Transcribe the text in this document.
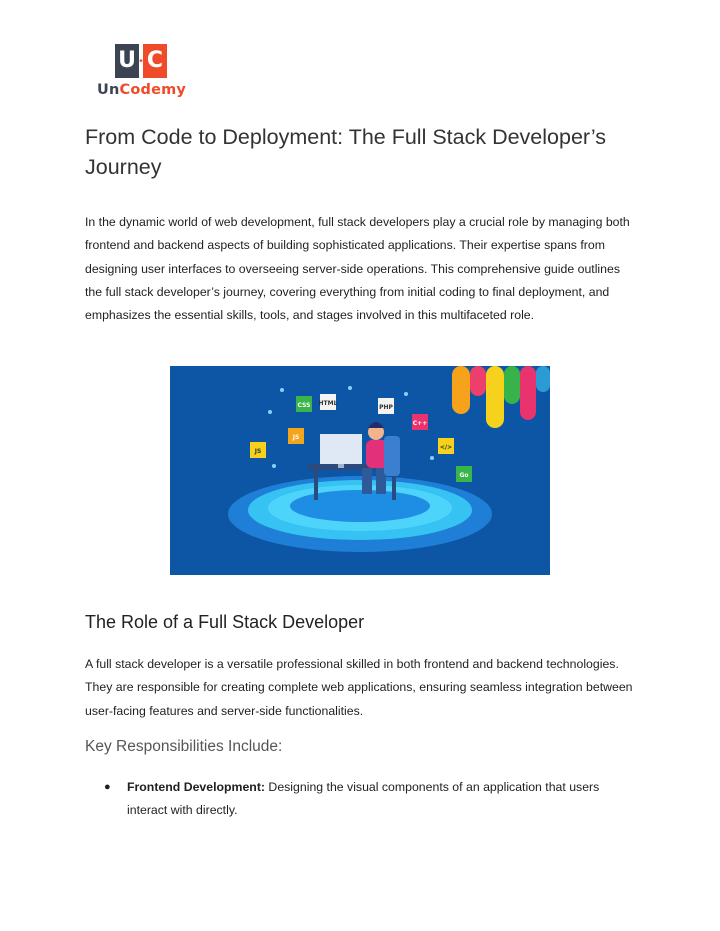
U • C
UnCodemy
From Code to Deployment: The Full Stack Developer’s Journey

In the dynamic world of web development, full stack developers play a crucial role by managing both frontend and backend aspects of building sophisticated applications. Their expertise spans from designing user interfaces to overseeing server-side operations. This comprehensive guide outlines the full stack developer’s journey, covering everything from initial coding to final deployment, and emphasizes the essential skills, tools, and stages involved in this multifaceted role.

CSS HTML
JS
PHP
C++
JS
Go
</>
The Role of a Full Stack Developer

A full stack developer is a versatile professional skilled in both frontend and backend technologies. They are responsible for creating complete web applications, ensuring seamless integration between user-facing features and server-side functionalities.

Key Responsibilities Include:
● Frontend Development: Designing the visual components of an application that users interact with directly.
